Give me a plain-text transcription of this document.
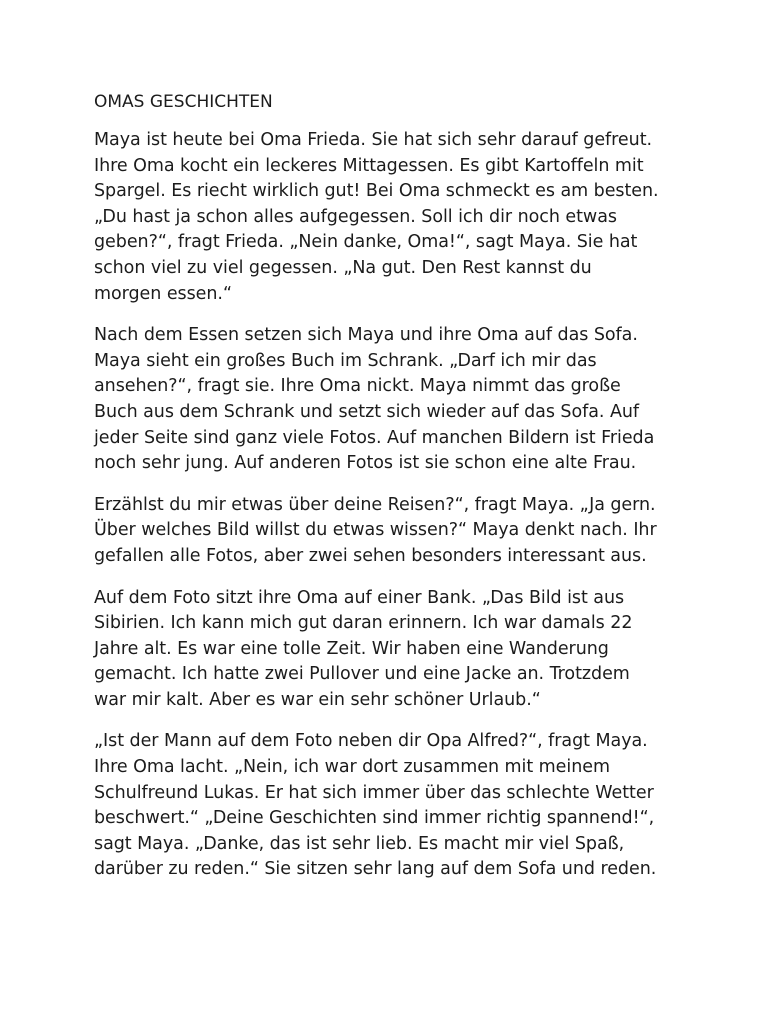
OMAS GESCHICHTEN
Maya ist heute bei Oma Frieda. Sie hat sich sehr darauf gefreut.
Ihre Oma kocht ein leckeres Mittagessen. Es gibt Kartoffeln mit
Spargel. Es riecht wirklich gut! Bei Oma schmeckt es am besten.
„Du hast ja schon alles aufgegessen. Soll ich dir noch etwas
geben?“, fragt Frieda. „Nein danke, Oma!“, sagt Maya. Sie hat
schon viel zu viel gegessen. „Na gut. Den Rest kannst du
morgen essen.“
Nach dem Essen setzen sich Maya und ihre Oma auf das Sofa.
Maya sieht ein großes Buch im Schrank. „Darf ich mir das
ansehen?“, fragt sie. Ihre Oma nickt. Maya nimmt das große
Buch aus dem Schrank und setzt sich wieder auf das Sofa. Auf
jeder Seite sind ganz viele Fotos. Auf manchen Bildern ist Frieda
noch sehr jung. Auf anderen Fotos ist sie schon eine alte Frau.
Erzählst du mir etwas über deine Reisen?“, fragt Maya. „Ja gern.
Über welches Bild willst du etwas wissen?“ Maya denkt nach. Ihr
gefallen alle Fotos, aber zwei sehen besonders interessant aus.
Auf dem Foto sitzt ihre Oma auf einer Bank. „Das Bild ist aus
Sibirien. Ich kann mich gut daran erinnern. Ich war damals 22
Jahre alt. Es war eine tolle Zeit. Wir haben eine Wanderung
gemacht. Ich hatte zwei Pullover und eine Jacke an. Trotzdem
war mir kalt. Aber es war ein sehr schöner Urlaub.“
„Ist der Mann auf dem Foto neben dir Opa Alfred?“, fragt Maya.
Ihre Oma lacht. „Nein, ich war dort zusammen mit meinem
Schulfreund Lukas. Er hat sich immer über das schlechte Wetter
beschwert.“ „Deine Geschichten sind immer richtig spannend!“,
sagt Maya. „Danke, das ist sehr lieb. Es macht mir viel Spaß,
darüber zu reden.“ Sie sitzen sehr lang auf dem Sofa und reden.
